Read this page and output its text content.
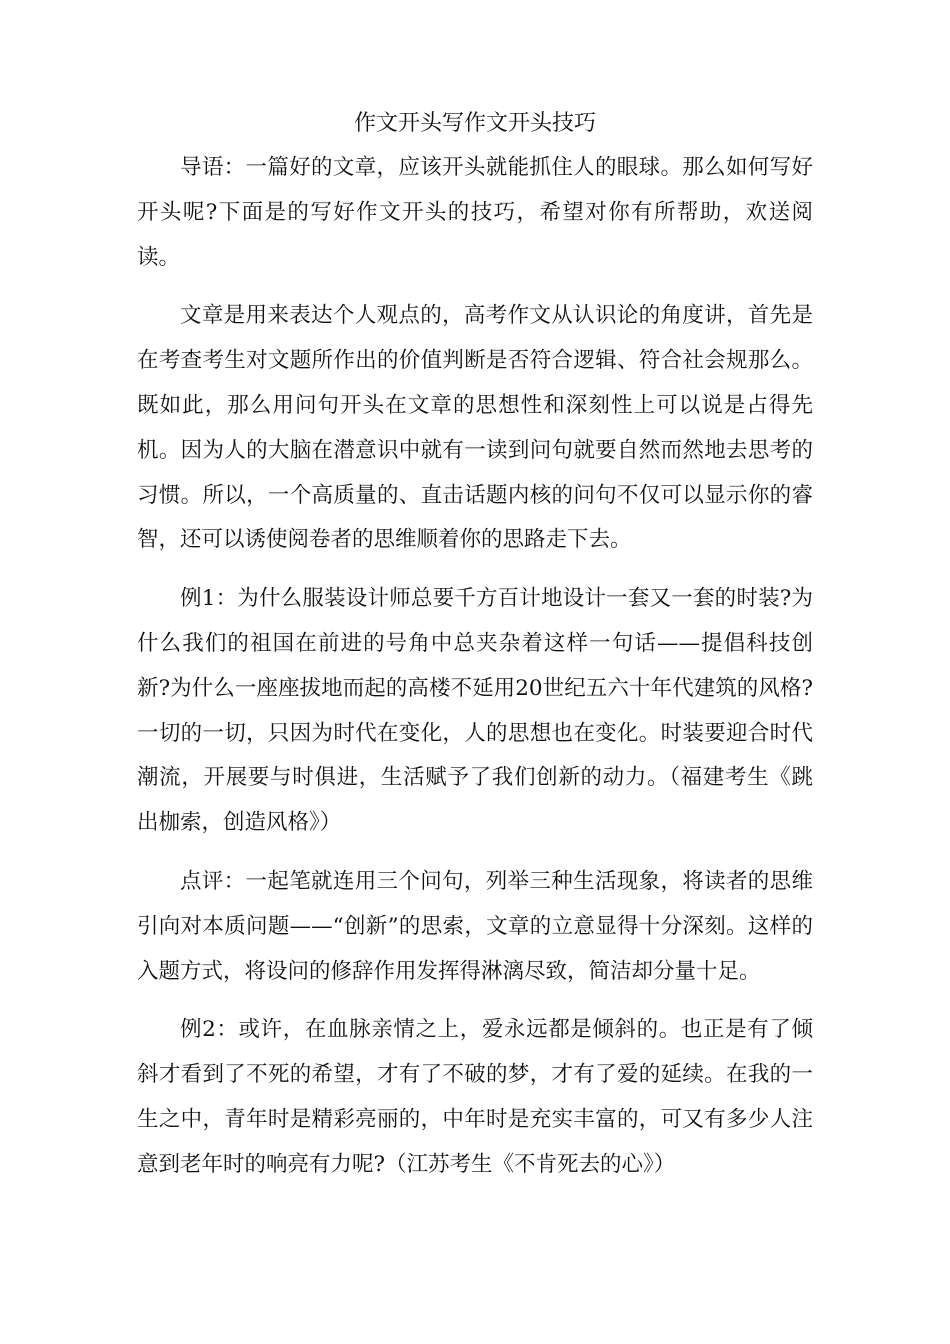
作文开头写作文开头技巧

导语：一篇好的文章，应该开头就能抓住人的眼球。那么如何写好开头呢?下面是的写好作文开头的技巧，希望对你有所帮助，欢送阅读。

文章是用来表达个人观点的，高考作文从认识论的角度讲，首先是在考查考生对文题所作出的价值判断是否符合逻辑、符合社会规那么。既如此，那么用问句开头在文章的思想性和深刻性上可以说是占得先机。因为人的大脑在潜意识中就有一读到问句就要自然而然地去思考的习惯。所以，一个高质量的、直击话题内核的问句不仅可以显示你的睿智，还可以诱使阅卷者的思维顺着你的思路走下去。

例1：为什么服装设计师总要千方百计地设计一套又一套的时装?为什么我们的祖国在前进的号角中总夹杂着这样一句话——提倡科技创新?为什么一座座拔地而起的高楼不延用20世纪五六十年代建筑的风格?一切的一切，只因为时代在变化，人的思想也在变化。时装要迎合时代潮流，开展要与时俱进，生活赋予了我们创新的动力。（福建考生《跳出枷索，创造风格》）

点评：一起笔就连用三个问句，列举三种生活现象，将读者的思维引向对本质问题——“创新”的思索，文章的立意显得十分深刻。这样的入题方式，将设问的修辞作用发挥得淋漓尽致，简洁却分量十足。

例2：或许，在血脉亲情之上，爱永远都是倾斜的。也正是有了倾斜才看到了不死的希望，才有了不破的梦，才有了爱的延续。在我的一生之中，青年时是精彩亮丽的，中年时是充实丰富的，可又有多少人注意到老年时的响亮有力呢?（江苏考生《不肯死去的心》）
